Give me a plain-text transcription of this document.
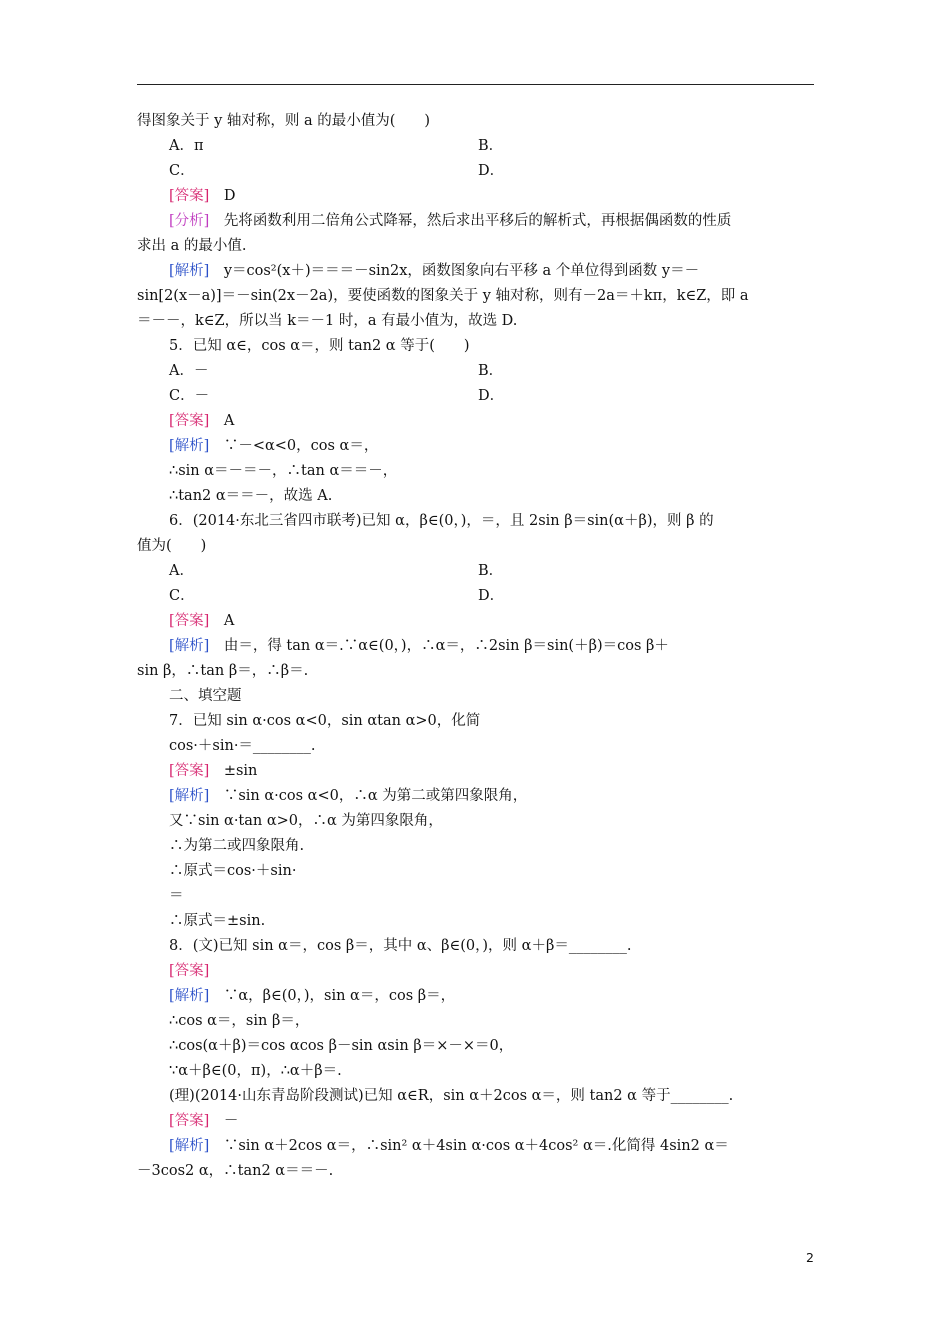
得图象关于 y 轴对称，则 a 的最小值为(　　)
A．π	B．
C．	D．
[答案]　D
[分析]　先将函数利用二倍角公式降幂，然后求出平移后的解析式，再根据偶函数的性质
求出 a 的最小值.
[解析]　y＝cos²(x＋)＝＝＝－sin2x，函数图象向右平移 a 个单位得到函数 y＝－
sin[2(x－a)]＝－sin(2x－2a)，要使函数的图象关于 y 轴对称，则有－2a＝＋kπ，k∈Z，即 a
＝－－，k∈Z，所以当 k＝－1 时，a 有最小值为，故选 D.
5．已知 α∈，cos α＝，则 tan2 α 等于(　　)
A．－	B．
C．－	D．
[答案]　A
[解析]　∵－<α<0，cos α＝，
∴sin α＝－＝－，∴tan α＝＝－，
∴tan2 α＝＝－，故选 A.
6．(2014·东北三省四市联考)已知 α，β∈(0，)，＝，且 2sin β＝sin(α＋β)，则 β 的
值为(　　)
A．	B．
C．	D．
[答案]　A
[解析]　由＝，得 tan α＝.∵α∈(0，)，∴α＝，∴2sin β＝sin(＋β)＝cos β＋
sin β，∴tan β＝，∴β＝.
二、填空题
7．已知 sin α·cos α<0，sin αtan α>0，化简
cos·＋sin·＝________.
[答案]　±sin
[解析]　∵sin α·cos α<0，∴α 为第二或第四象限角，
又∵sin α·tan α>0，∴α 为第四象限角，
∴为第二或四象限角.
∴原式＝cos·＋sin·
＝
∴原式＝±sin.
8．(文)已知 sin α＝，cos β＝，其中 α、β∈(0，)，则 α＋β＝________.
[答案]
[解析]　∵α，β∈(0，)，sin α＝，cos β＝，
∴cos α＝，sin β＝，
∴cos(α＋β)＝cos αcos β－sin αsin β＝×－×＝0，
∵α＋β∈(0，π)，∴α＋β＝.
(理)(2014·山东青岛阶段测试)已知 α∈R，sin α＋2cos α＝，则 tan2 α 等于________.
[答案]　－
[解析]　∵sin α＋2cos α＝，∴sin² α＋4sin α·cos α＋4cos² α＝.化简得 4sin2 α＝
－3cos2 α，∴tan2 α＝＝－.
2
